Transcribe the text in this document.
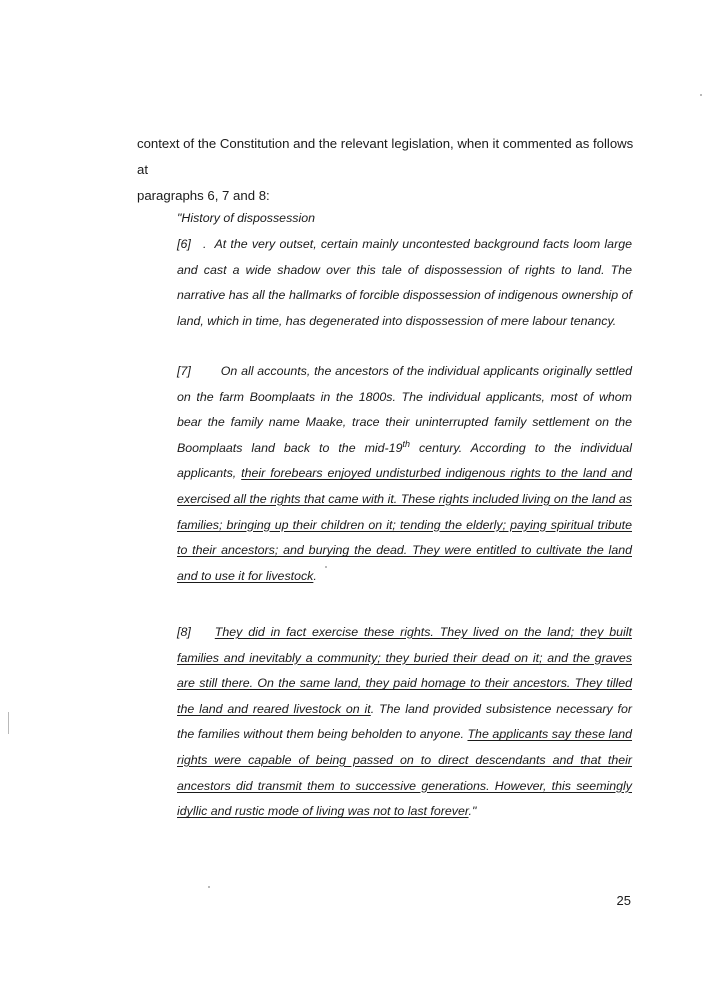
context of the Constitution and the relevant legislation, when it commented as follows at
paragraphs 6, 7 and 8:

"History of dispossession

[6] . At the very outset, certain mainly uncontested background facts loom large and cast a wide shadow over this tale of dispossession of rights to land. The narrative has all the hallmarks of forcible dispossession of indigenous ownership of land, which in time, has degenerated into dispossession of mere labour tenancy.

[7] On all accounts, the ancestors of the individual applicants originally settled on the farm Boomplaats in the 1800s. The individual applicants, most of whom bear the family name Maake, trace their uninterrupted family settlement on the Boomplaats land back to the mid-19th century. According to the individual applicants, their forebears enjoyed undisturbed indigenous rights to the land and exercised all the rights that came with it. These rights included living on the land as families; bringing up their children on it; tending the elderly; paying spiritual tribute to their ancestors; and burying the dead. They were entitled to cultivate the land and to use it for livestock.

[8] They did in fact exercise these rights. They lived on the land; they built families and inevitably a community; they buried their dead on it; and the graves are still there. On the same land, they paid homage to their ancestors. They tilled the land and reared livestock on it. The land provided subsistence necessary for the families without them being beholden to anyone. The applicants say these land rights were capable of being passed on to direct descendants and that their ancestors did transmit them to successive generations. However, this seemingly idyllic and rustic mode of living was not to last forever."

25
